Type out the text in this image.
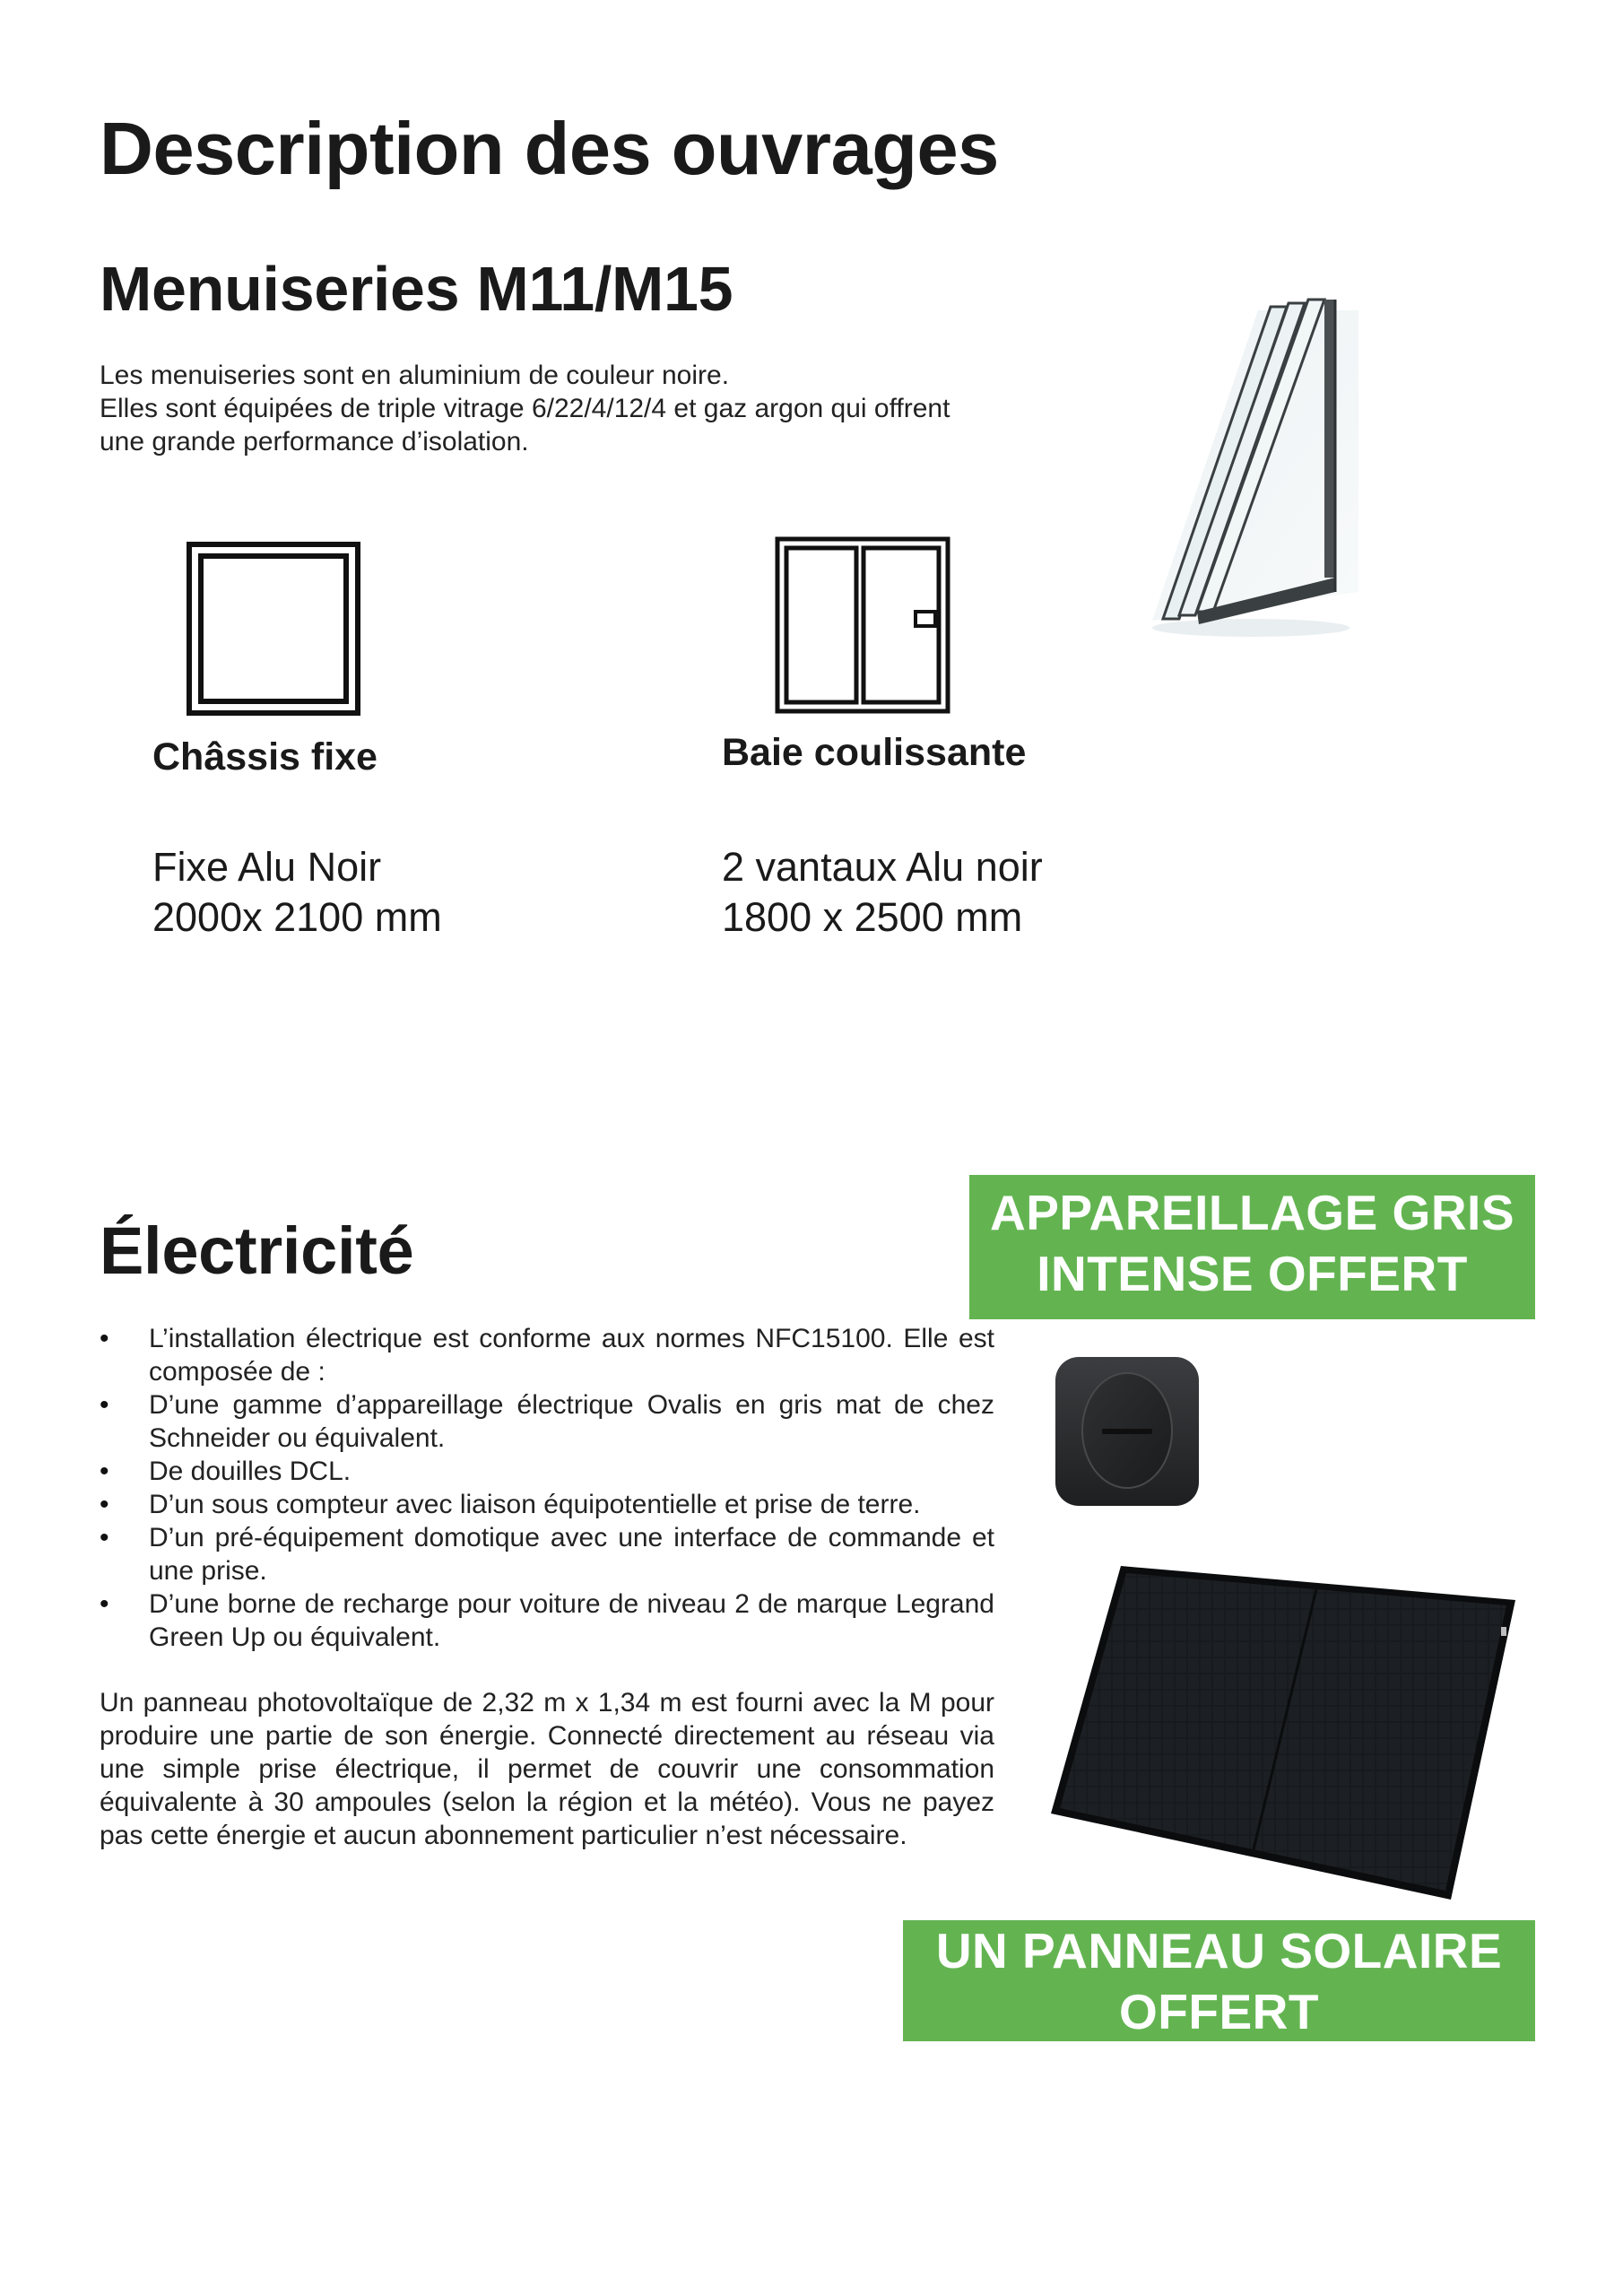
Description des ouvrages
Menuiseries M11/M15

Les menuiseries sont en aluminium de couleur noire.

Elles sont équipées de triple vitrage 6/22/4/12/4 et gaz argon qui offrent

une grande performance d’isolation.

Châssis fixe

Fixe Alu Noir

2000x 2100 mm

Baie coulissante

2 vantaux Alu noir

1800 x 2500 mm

Électricité
• L’installation électrique est conforme aux normes NFC15100. Elle est composée de :
• D’une gamme d’appareillage électrique Ovalis en gris mat de chez Schneider ou équivalent.
• De douilles DCL.
• D’un sous compteur avec liaison équipotentielle et prise de terre.
• D’un pré-équipement domotique avec une interface de commande et une prise.
• D’une borne de recharge pour voiture de niveau 2 de marque Legrand Green Up ou équivalent.

Un panneau photovoltaïque de 2,32 m x 1,34 m est fourni avec la M pour produire une partie de son énergie. Connecté directement au réseau via une simple prise électrique, il permet de couvrir une consommation équivalente à 30 ampoules (selon la région et la météo). Vous ne payez pas cette énergie et aucun abonnement particulier n’est nécessaire.

APPAREILLAGE GRIS
INTENSE OFFERT
UN PANNEAU SOLAIRE
OFFERT
